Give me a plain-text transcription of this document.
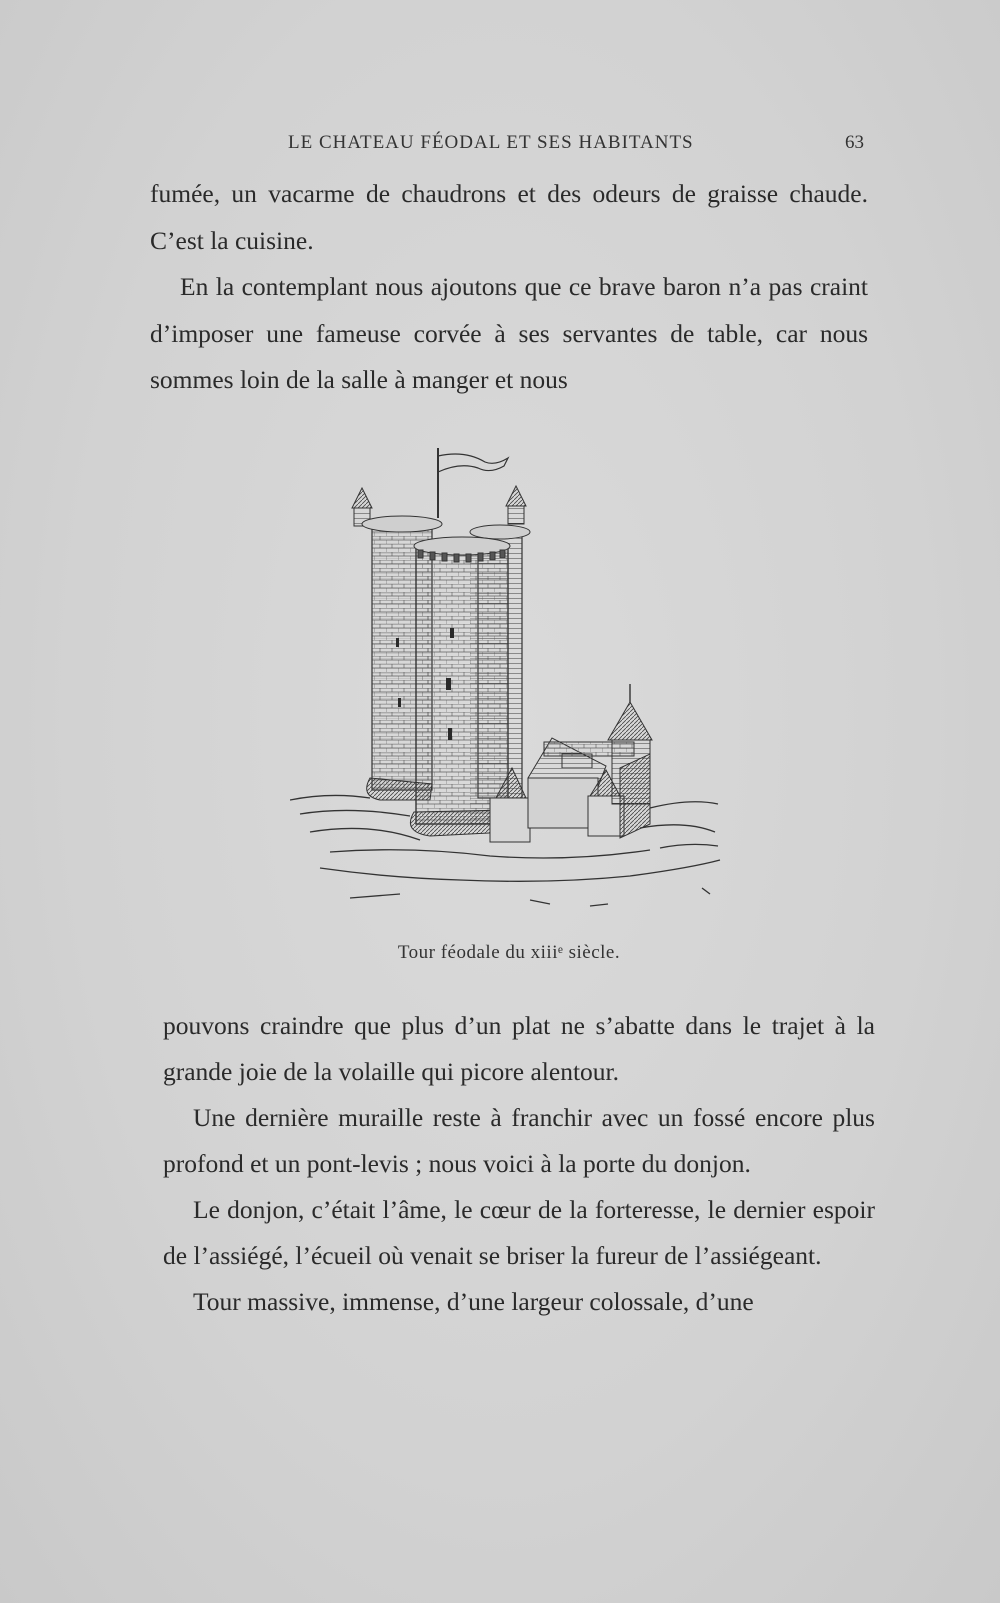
LE CHATEAU FÉODAL ET SES HABITANTS	63

fumée, un vacarme de chaudrons et des odeurs de graisse chaude. C’est la cuisine.

En la contemplant nous ajoutons que ce brave baron n’a pas craint d’imposer une fameuse corvée à ses servantes de table, car nous sommes loin de la salle à manger et nous

Tour féodale du xiiiᵉ siècle.

pouvons craindre que plus d’un plat ne s’abatte dans le trajet à la grande joie de la volaille qui picore alentour.

Une dernière muraille reste à franchir avec un fossé encore plus profond et un pont-levis ; nous voici à la porte du donjon.

Le donjon, c’était l’âme, le cœur de la forteresse, le dernier espoir de l’assiégé, l’écueil où venait se briser la fureur de l’assiégeant.

Tour massive, immense, d’une largeur colossale, d’une
